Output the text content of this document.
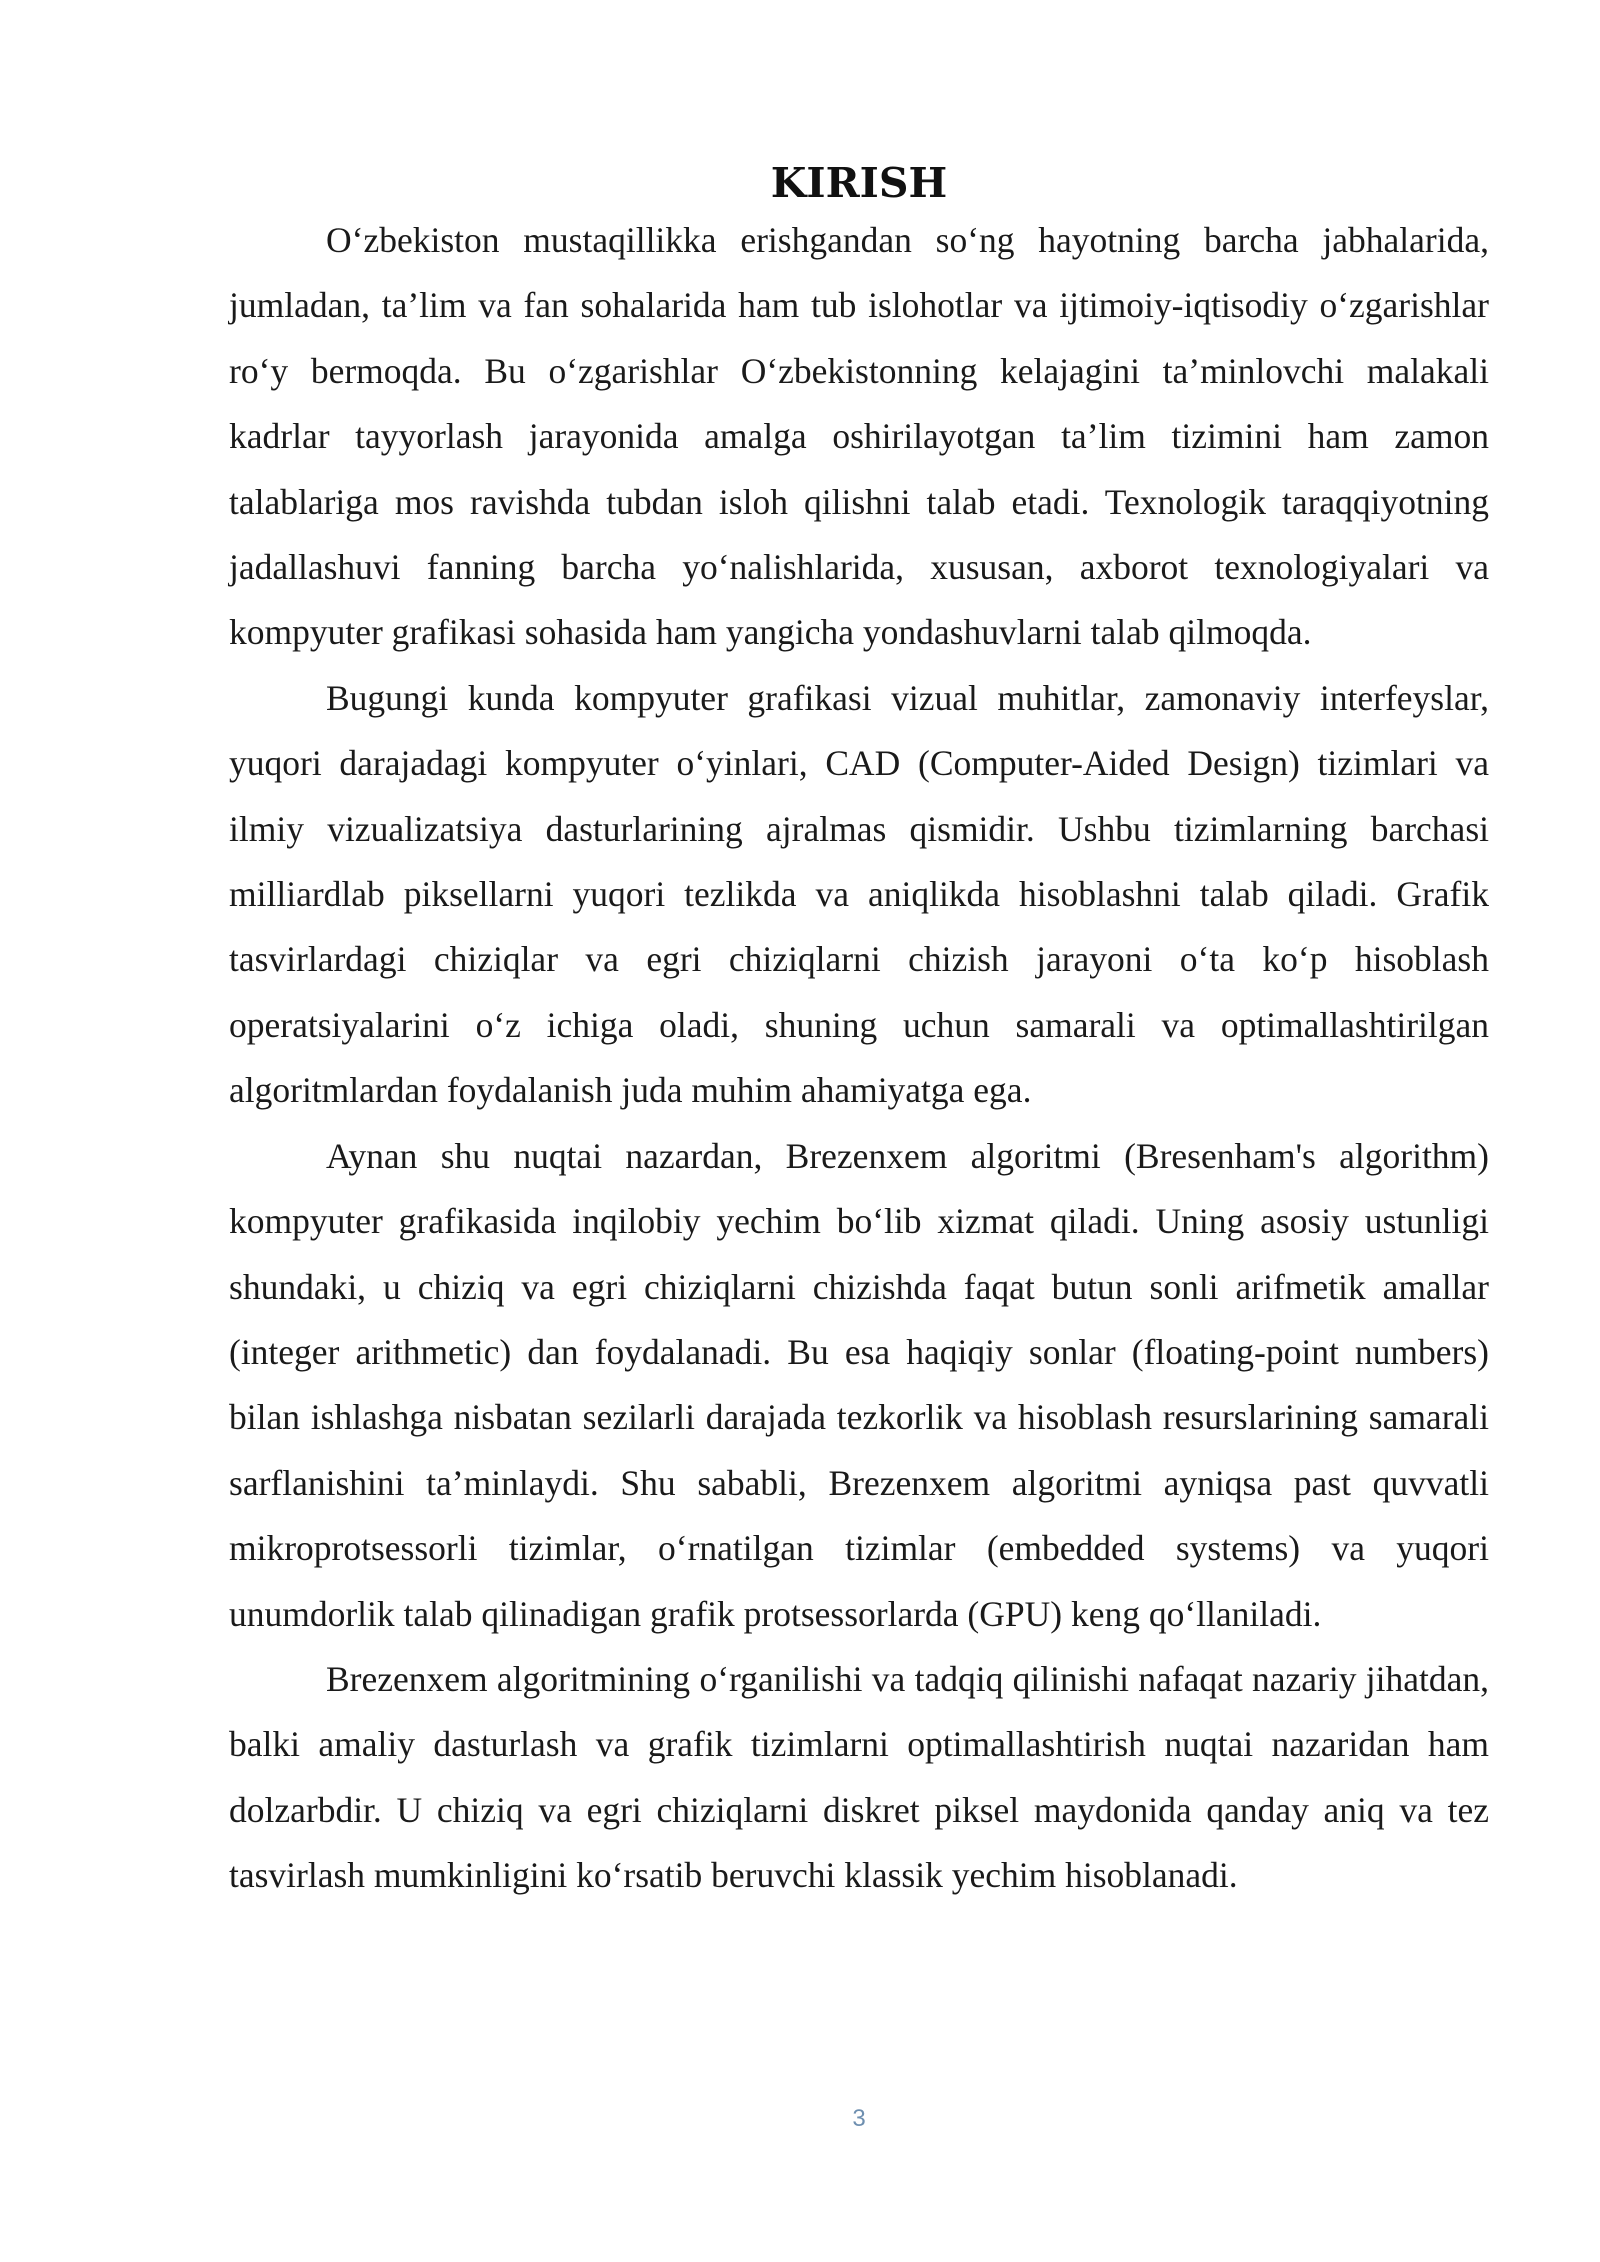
KIRISH

O‘zbekiston mustaqillikka erishgandan so‘ng hayotning barcha jabhalarida, jumladan, ta’lim va fan sohalarida ham tub islohotlar va ijtimoiy-iqtisodiy o‘zgarishlar ro‘y bermoqda. Bu o‘zgarishlar O‘zbekistonning kelajagini ta’minlovchi malakali kadrlar tayyorlash jarayonida amalga oshirilayotgan ta’lim tizimini ham zamon talablariga mos ravishda tubdan isloh qilishni talab etadi. Texnologik taraqqiyotning jadallashuvi fanning barcha yo‘nalishlarida, xususan, axborot texnologiyalari va kompyuter grafikasi sohasida ham yangicha yondashuvlarni talab qilmoqda.

Bugungi kunda kompyuter grafikasi vizual muhitlar, zamonaviy interfeyslar, yuqori darajadagi kompyuter o‘yinlari, CAD (Computer-Aided Design) tizimlari va ilmiy vizualizatsiya dasturlarining ajralmas qismidir. Ushbu tizimlarning barchasi milliardlab piksellarni yuqori tezlikda va aniqlikda hisoblashni talab qiladi. Grafik tasvirlardagi chiziqlar va egri chiziqlarni chizish jarayoni o‘ta ko‘p hisoblash operatsiyalarini o‘z ichiga oladi, shuning uchun samarali va optimallashtirilgan algoritmlardan foydalanish juda muhim ahamiyatga ega.

Aynan shu nuqtai nazardan, Brezenxem algoritmi (Bresenham's algorithm) kompyuter grafikasida inqilobiy yechim bo‘lib xizmat qiladi. Uning asosiy ustunligi shundaki, u chiziq va egri chiziqlarni chizishda faqat butun sonli arifmetik amallar (integer arithmetic) dan foydalanadi. Bu esa haqiqiy sonlar (floating-point numbers) bilan ishlashga nisbatan sezilarli darajada tezkorlik va hisoblash resurslarining samarali sarflanishini ta’minlaydi. Shu sababli, Brezenxem algoritmi ayniqsa past quvvatli mikroprotsessorli tizimlar, o‘rnatilgan tizimlar (embedded systems) va yuqori unumdorlik talab qilinadigan grafik protsessorlarda (GPU) keng qo‘llaniladi.

Brezenxem algoritmining o‘rganilishi va tadqiq qilinishi nafaqat nazariy jihatdan, balki amaliy dasturlash va grafik tizimlarni optimallashtirish nuqtai nazaridan ham dolzarbdir. U chiziq va egri chiziqlarni diskret piksel maydonida qanday aniq va tez tasvirlash mumkinligini ko‘rsatib beruvchi klassik yechim hisoblanadi.

3
